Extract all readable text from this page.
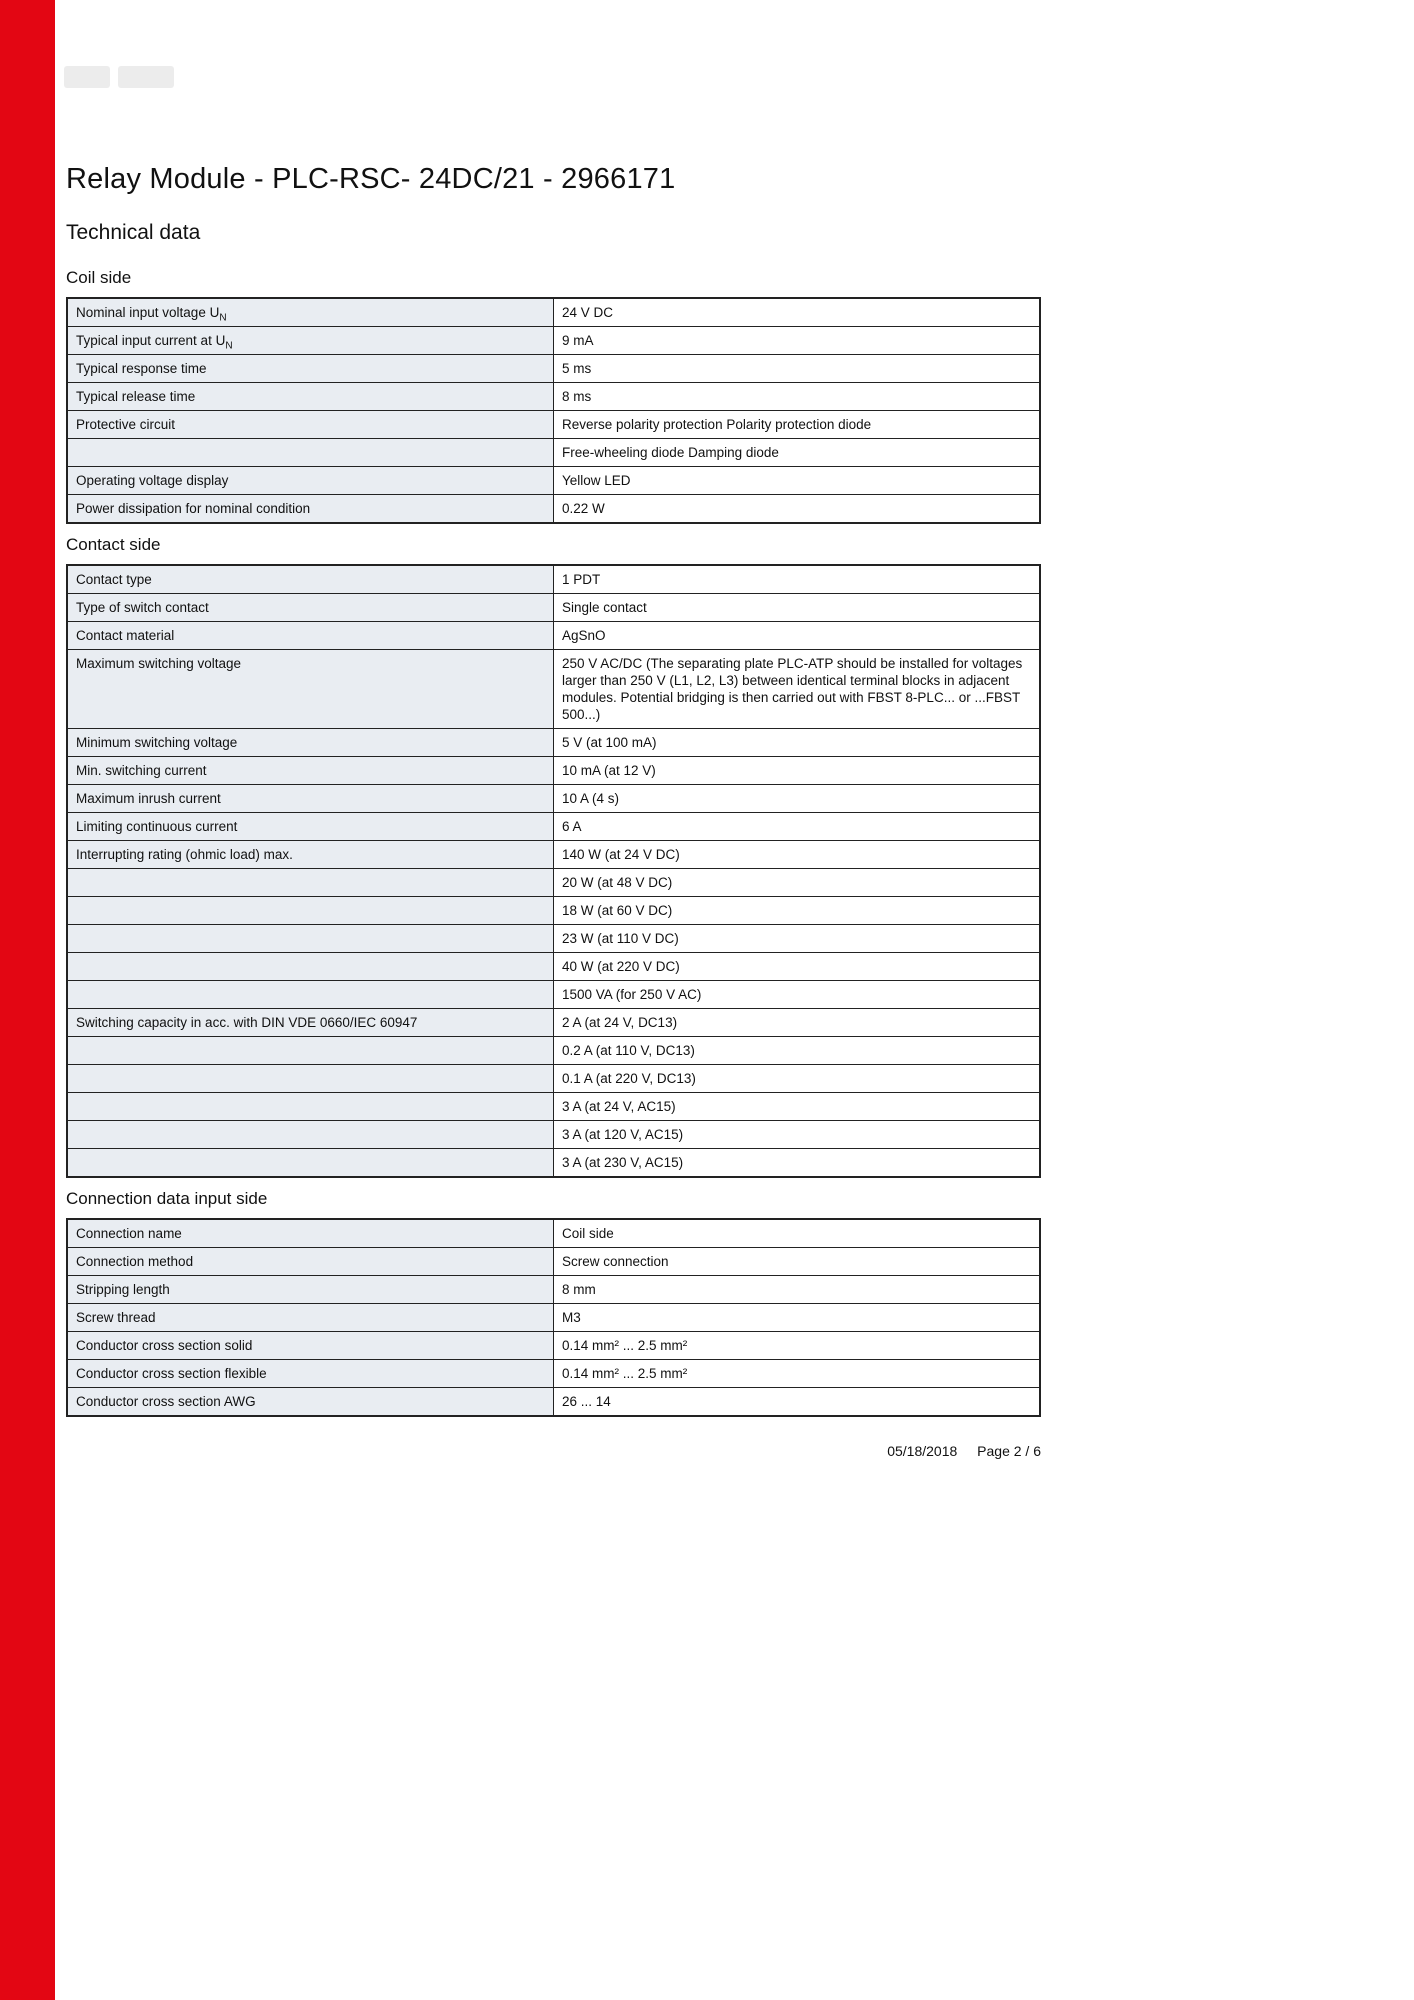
Relay Module - PLC-RSC- 24DC/21 - 2966171
Technical data
Coil side
Nominal input voltage $U_N$	24 V DC
Typical input current at $U_N$	9 mA
Typical response time	5 ms
Typical release time	8 ms
Protective circuit	Reverse polarity protection Polarity protection diode
	Free-wheeling diode Damping diode
Operating voltage display	Yellow LED
Power dissipation for nominal condition	0.22 W
Contact side
Contact type	1 PDT
Type of switch contact	Single contact
Contact material	AgSnO
Maximum switching voltage	250 V AC/DC (The separating plate PLC-ATP should be installed for voltages larger than 250 V (L1, L2, L3) between identical terminal blocks in adjacent modules. Potential bridging is then carried out with FBST 8-PLC... or ...FBST 500...)
Minimum switching voltage	5 V (at 100 mA)
Min. switching current	10 mA (at 12 V)
Maximum inrush current	10 A (4 s)
Limiting continuous current	6 A
Interrupting rating (ohmic load) max.	140 W (at 24 V DC)
	20 W (at 48 V DC)
	18 W (at 60 V DC)
	23 W (at 110 V DC)
	40 W (at 220 V DC)
	1500 VA (for 250 V AC)
Switching capacity in acc. with DIN VDE 0660/IEC 60947	2 A (at 24 V, DC13)
	0.2 A (at 110 V, DC13)
	0.1 A (at 220 V, DC13)
	3 A (at 24 V, AC15)
	3 A (at 120 V, AC15)
	3 A (at 230 V, AC15)
Connection data input side
Connection name	Coil side
Connection method	Screw connection
Stripping length	8 mm
Screw thread	M3
Conductor cross section solid	0.14 mm² ... 2.5 mm²
Conductor cross section flexible	0.14 mm² ... 2.5 mm²
Conductor cross section AWG	26 ... 14
05/18/2018 Page 2 / 6
